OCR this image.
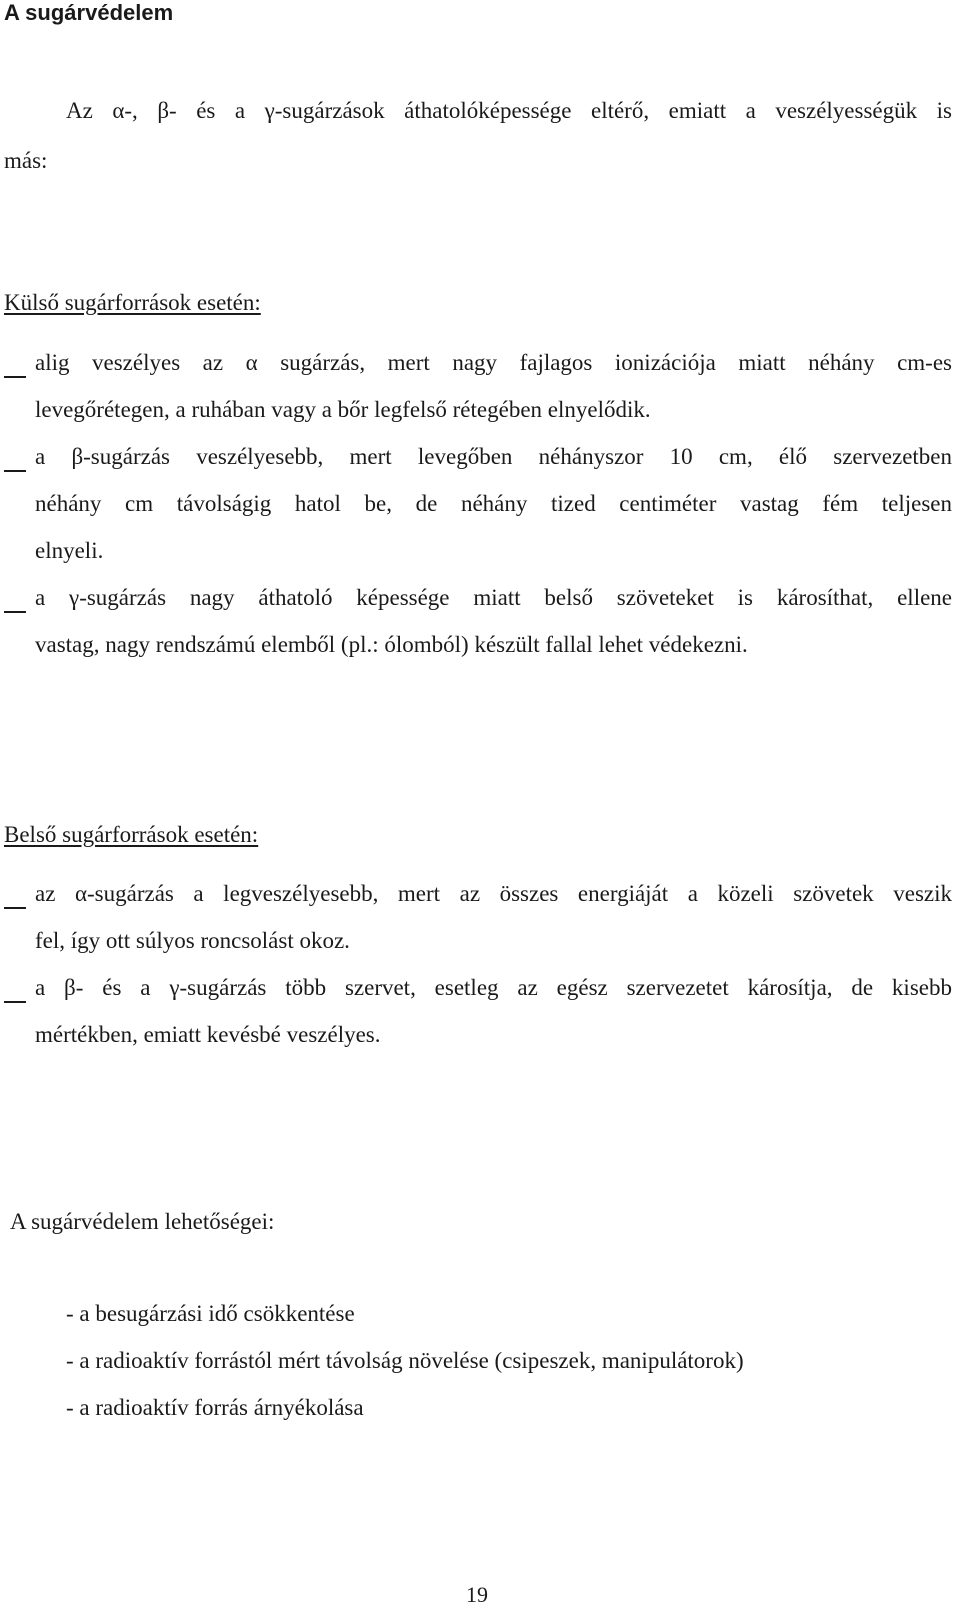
A sugárvédelem
Az α-, β- és a γ-sugárzások áthatolóképessége eltérő, emiatt a veszélyességük is
más:
Külső sugárforrások esetén:
alig veszélyes az α sugárzás, mert nagy fajlagos ionizációja miatt néhány cm-es
levegőrétegen, a ruhában vagy a bőr legfelső rétegében elnyelődik.
a β-sugárzás veszélyesebb, mert levegőben néhányszor 10 cm, élő szervezetben
néhány cm távolságig hatol be, de néhány tized centiméter vastag fém teljesen
elnyeli.
a γ-sugárzás nagy áthatoló képessége miatt belső szöveteket is károsíthat, ellene
vastag, nagy rendszámú elemből (pl.: ólomból) készült fallal lehet védekezni.
Belső sugárforrások esetén:
az α-sugárzás a legveszélyesebb, mert az összes energiáját a közeli szövetek veszik
fel, így ott súlyos roncsolást okoz.
a β- és a γ-sugárzás több szervet, esetleg az egész szervezetet károsítja, de kisebb
mértékben, emiatt kevésbé veszélyes.
A sugárvédelem lehetőségei:
- a besugárzási idő csökkentése
- a radioaktív forrástól mért távolság növelése (csipeszek, manipulátorok)
- a radioaktív forrás árnyékolása
19
